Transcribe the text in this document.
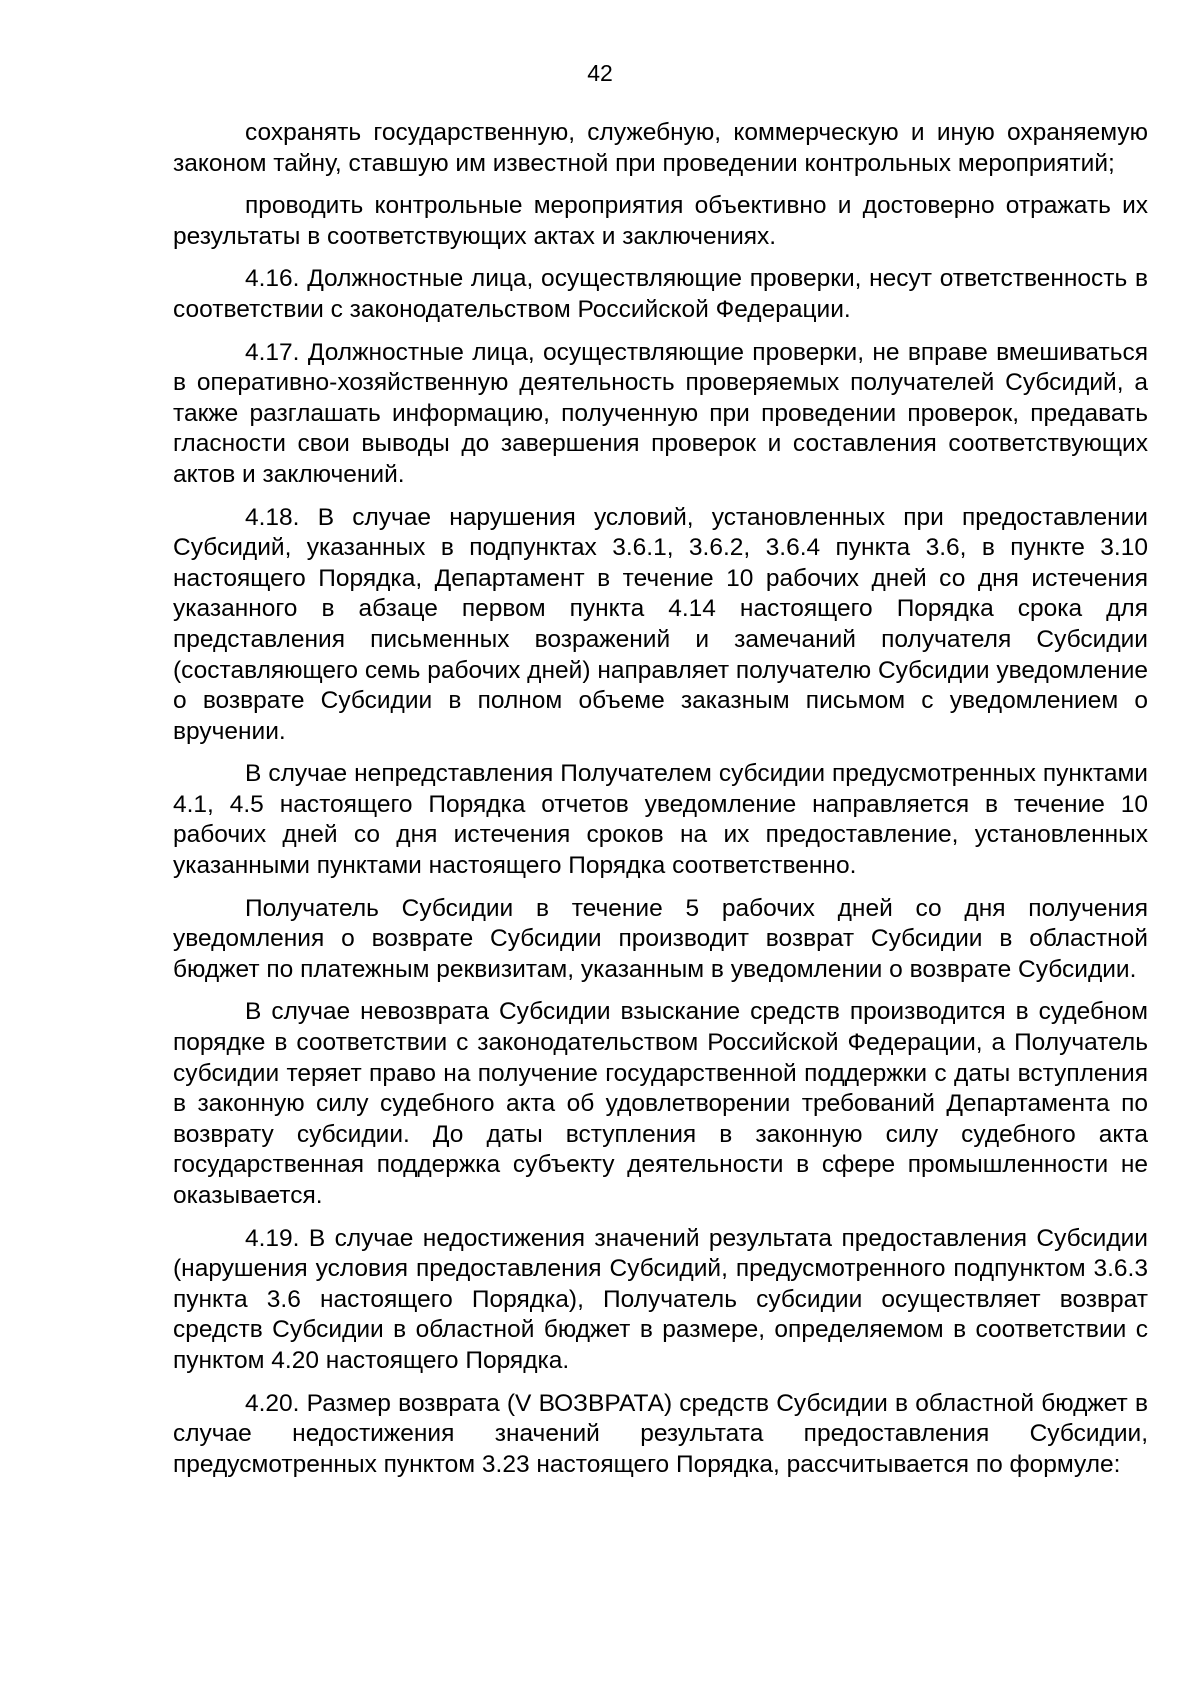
42

сохранять государственную, служебную, коммерческую и иную охраняемую законом тайну, ставшую им известной при проведении контрольных мероприятий;

проводить контрольные мероприятия объективно и достоверно отражать их результаты в соответствующих актах и заключениях.

4.16. Должностные лица, осуществляющие проверки, несут ответственность в соответствии с законодательством Российской Федерации.

4.17. Должностные лица, осуществляющие проверки, не вправе вмешиваться в оперативно-хозяйственную деятельность проверяемых получателей Субсидий, а также разглашать информацию, полученную при проведении проверок, предавать гласности свои выводы до завершения проверок и составления соответствующих актов и заключений.

4.18. В случае нарушения условий, установленных при предоставлении Субсидий, указанных в подпунктах 3.6.1, 3.6.2, 3.6.4 пункта 3.6, в пункте 3.10 настоящего Порядка, Департамент в течение 10 рабочих дней со дня истечения указанного в абзаце первом пункта 4.14 настоящего Порядка срока для представления письменных возражений и замечаний получателя Субсидии (составляющего семь рабочих дней) направляет получателю Субсидии уведомление о возврате Субсидии в полном объеме заказным письмом с уведомлением о вручении.

В случае непредставления Получателем субсидии предусмотренных пунктами 4.1, 4.5 настоящего Порядка отчетов уведомление направляется в течение 10 рабочих дней со дня истечения сроков на их предоставление, установленных указанными пунктами настоящего Порядка соответственно.

Получатель Субсидии в течение 5 рабочих дней со дня получения уведомления о возврате Субсидии производит возврат Субсидии в областной бюджет по платежным реквизитам, указанным в уведомлении о возврате Субсидии.

В случае невозврата Субсидии взыскание средств производится в судебном порядке в соответствии с законодательством Российской Федерации, а Получатель субсидии теряет право на получение государственной поддержки с даты вступления в законную силу судебного акта об удовлетворении требований Департамента по возврату субсидии. До даты вступления в законную силу судебного акта государственная поддержка субъекту деятельности в сфере промышленности не оказывается.

4.19. В случае недостижения значений результата предоставления Субсидии (нарушения условия предоставления Субсидий, предусмотренного подпунктом 3.6.3 пункта 3.6 настоящего Порядка), Получатель субсидии осуществляет возврат средств Субсидии в областной бюджет в размере, определяемом в соответствии с пунктом 4.20 настоящего Порядка.

4.20. Размер возврата (V ВОЗВРАТА) средств Субсидии в областной бюджет в случае недостижения значений результата предоставления Субсидии, предусмотренных пунктом 3.23 настоящего Порядка, рассчитывается по формуле:
